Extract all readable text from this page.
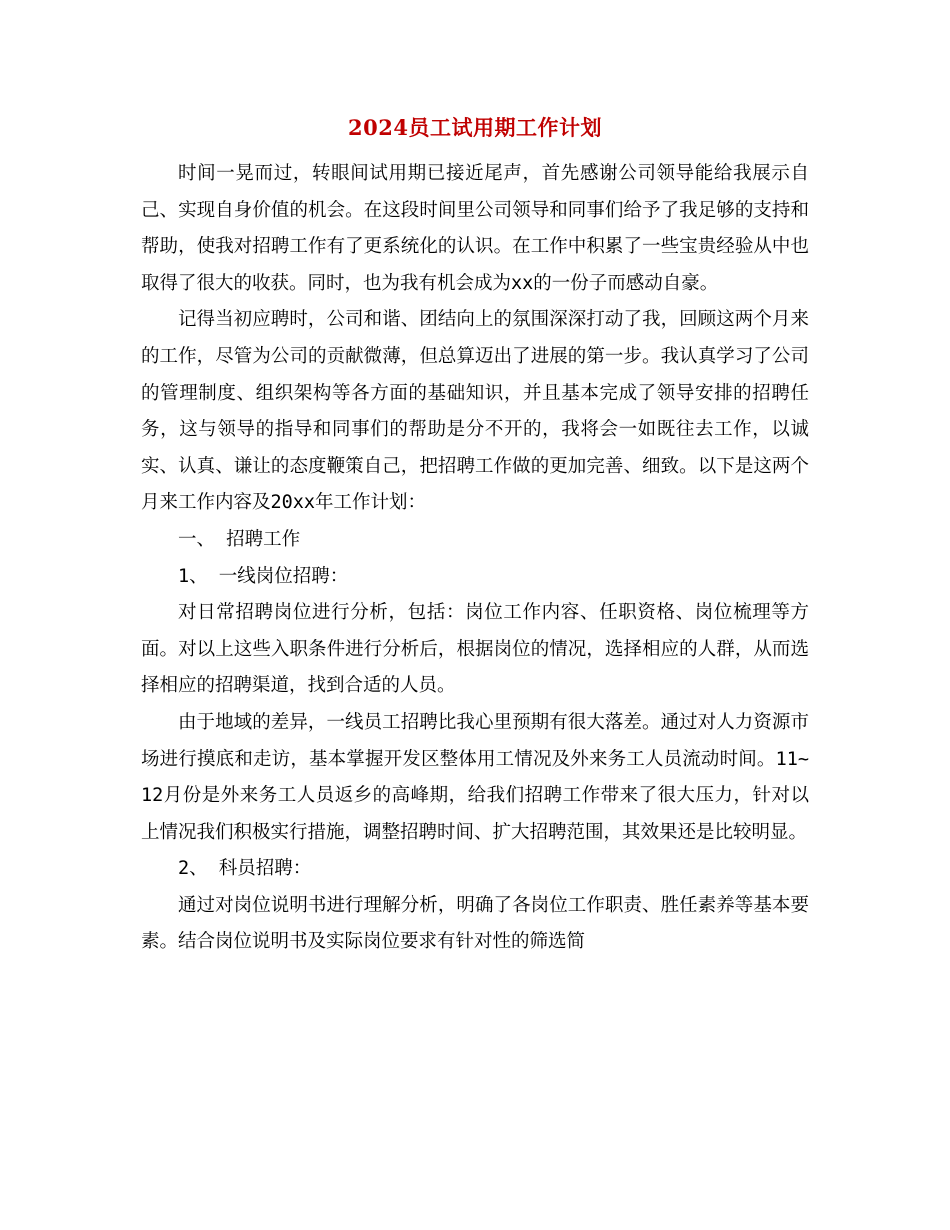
2024员工试用期工作计划

时间一晃而过，转眼间试用期已接近尾声，首先感谢公司领导能给我展示自己、实现自身价值的机会。在这段时间里公司领导和同事们给予了我足够的支持和帮助，使我对招聘工作有了更系统化的认识。在工作中积累了一些宝贵经验从中也取得了很大的收获。同时，也为我有机会成为xx的一份子而感动自豪。

记得当初应聘时，公司和谐、团结向上的氛围深深打动了我，回顾这两个月来的工作，尽管为公司的贡献微薄，但总算迈出了进展的第一步。我认真学习了公司的管理制度、组织架构等各方面的基础知识，并且基本完成了领导安排的招聘任务，这与领导的指导和同事们的帮助是分不开的，我将会一如既往去工作，以诚实、认真、谦让的态度鞭策自己，把招聘工作做的更加完善、细致。以下是这两个月来工作内容及20xx年工作计划：

一、 招聘工作

1、 一线岗位招聘：

对日常招聘岗位进行分析，包括：岗位工作内容、任职资格、岗位梳理等方面。对以上这些入职条件进行分析后，根据岗位的情况，选择相应的人群，从而选择相应的招聘渠道，找到合适的人员。

由于地域的差异，一线员工招聘比我心里预期有很大落差。通过对人力资源市场进行摸底和走访，基本掌握开发区整体用工情况及外来务工人员流动时间。11~12月份是外来务工人员返乡的高峰期，给我们招聘工作带来了很大压力，针对以上情况我们积极实行措施，调整招聘时间、扩大招聘范围，其效果还是比较明显。

2、 科员招聘：

通过对岗位说明书进行理解分析，明确了各岗位工作职责、胜任素养等基本要素。结合岗位说明书及实际岗位要求有针对性的筛选简
